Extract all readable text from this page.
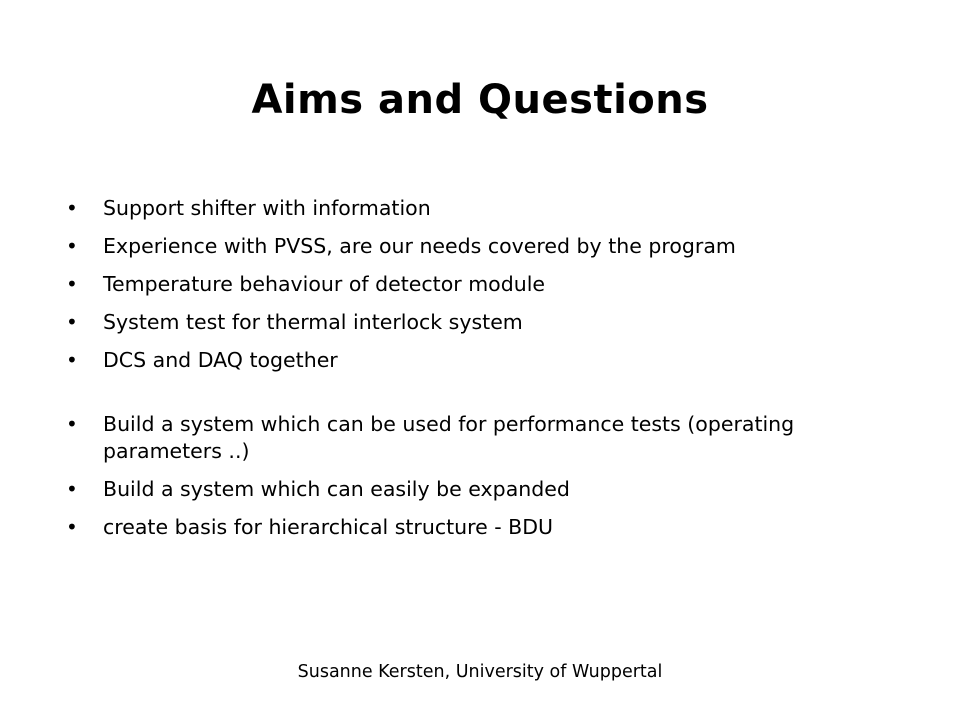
Aims and Questions
• Support shifter with information
• Experience with PVSS, are our needs covered by the program
• Temperature behaviour of detector module
• System test for thermal interlock system
• DCS and DAQ together
• Build a system which can be used for performance tests (operating parameters ..)
• Build a system which can easily be expanded
• create basis for hierarchical structure - BDU
Susanne Kersten, University of Wuppertal
